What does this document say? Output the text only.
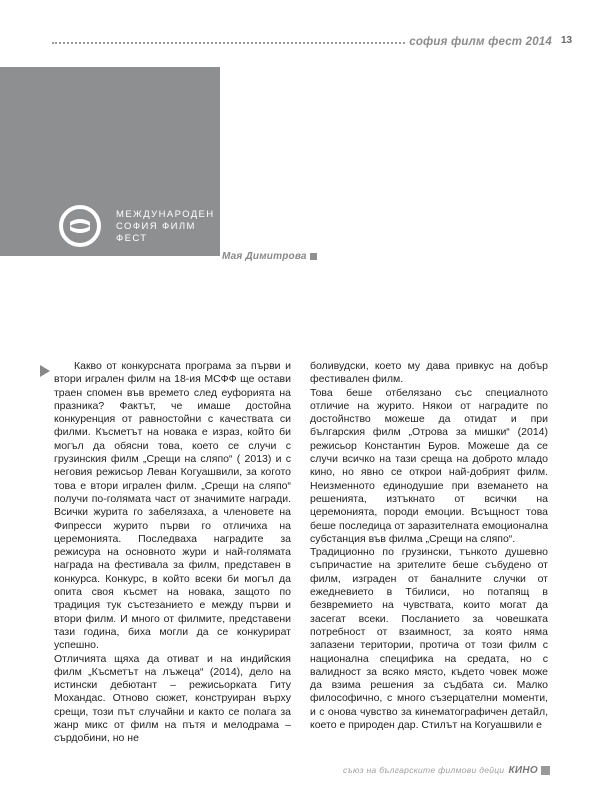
софия филм фест 2014 13
СРЕЩИ НА СЛЯПО
срещи наяве в игралния конкурс
МЕЖДУНАРОДЕН
СОФИЯ ФИЛМ
ФЕСТ
Мая Димитрова

Какво от конкурсната програма за първи и втори игрален филм на 18-ия МСФФ ще остави траен спомен във времето след еуфорията на празника? Фактът, че имаше достойна конкуренция от равностойни с качествата си филми. Късметът на новака е израз, който би могъл да обясни това, което се случи с грузинския филм „Срещи на сляпо“ ( 2013) и с неговия режисьор Леван Когуашвили, за когото това е втори игрален филм. „Срещи на сляпо“ получи по-голямата част от значимите награди. Всички журита го забелязаха, а членовете на Фипресси журито първи го отличиха на церемонията. Последваха наградите за режисура на основното жури и най-голямата награда на фестивала за филм, представен в конкурса. Конкурс, в който всеки би могъл да опита своя късмет на новака, защото по традиция тук състезанието е между първи и втори филм. И много от филмите, представени тази година, биха могли да се конкурират успешно.

Отличията щяха да отиват и на индийския филм „Късметът на лъжеца“ (2014), дело на истински дебютант – режисьорката Гиту Мохандас. Отново сюжет, конструиран върху срещи, този път случайни и както се полага за жанр микс от филм на пътя и мелодрама – сърдобини, но не

боливудски, което му дава привкус на добър фестивален филм.

Това беше отбелязано със специалното отличие на журито. Някои от наградите по достойнство можеше да отидат и при българския филм „Отрова за мишки“ (2014) режисьор Константин Буров. Можеше да се случи всичко на тази среща на доброто младо кино, но явно се открои най-добрият филм. Неизменното единодушие при вземането на решенията, изтъкнато от всички на церемонията, породи емоции. Всъщност това беше последица от заразителната емоционална субстанция във филма „Срещи на сляпо“.

Традиционно по грузински, тънкото душевно съпричастие на зрителите беше събудено от филм, изграден от баналните случки от ежедневието в Тбилиси, но потапящ в безвремието на чувствата, които могат да засегат всеки. Посланието за човешката потребност от взаимност, за която няма запазени територии, протича от този филм с национална специфика на средата, но с валидност за всяко място, където човек може да взима решения за съдбата си. Малко философично, с много съзерцателни моменти, и с онова чувство за кинематографичен детайл, което е природен дар. Стилът на Когуашвили е

съюз на българските филмови дейци КИНО
